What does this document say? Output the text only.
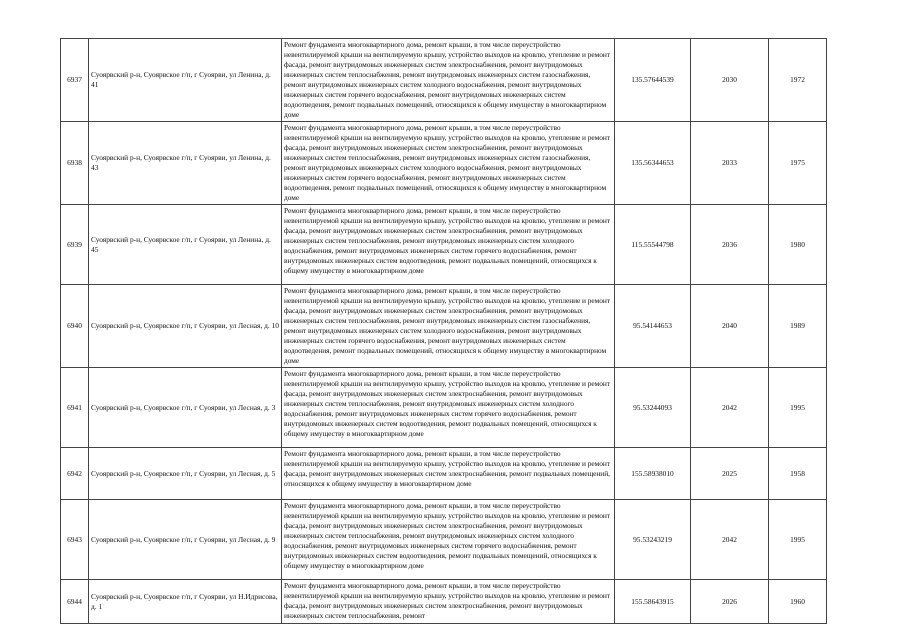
6937	Суоярвский р-н, Суоярвское г/п, г Суоярви, ул Ленина, д. 41	Ремонт фундамента многоквартирного дома, ремонт крыши, в том числе переустройство невентилируемой крыши на вентилируемую крышу, устройство выходов на кровлю, утепление и ремонт фасада, ремонт внутридомовых инженерных систем электроснабжения, ремонт внутридомовых инженерных систем теплоснабжения, ремонт внутридомовых инженерных систем газоснабжения, ремонт внутридомовых инженерных систем холодного водоснабжения, ремонт внутридомовых инженерных систем горячего водоснабжения, ремонт внутридомовых инженерных систем водоотведения, ремонт подвальных помещений, относящихся к общему имуществу в многоквартирном доме	135.57644539	2030	1972
6938	Суоярвский р-н, Суоярвское г/п, г Суоярви, ул Ленина, д. 43	Ремонт фундамента многоквартирного дома, ремонт крыши, в том числе переустройство невентилируемой крыши на вентилируемую крышу, устройство выходов на кровлю, утепление и ремонт фасада, ремонт внутридомовых инженерных систем электроснабжения, ремонт внутридомовых инженерных систем теплоснабжения, ремонт внутридомовых инженерных систем газоснабжения, ремонт внутридомовых инженерных систем холодного водоснабжения, ремонт внутридомовых инженерных систем горячего водоснабжения, ремонт внутридомовых инженерных систем водоотведения, ремонт подвальных помещений, относящихся к общему имуществу в многоквартирном доме	135.56344653	2033	1975
6939	Суоярвский р-н, Суоярвское г/п, г Суоярви, ул Ленина, д. 45	Ремонт фундамента многоквартирного дома, ремонт крыши, в том числе переустройство невентилируемой крыши на вентилируемую крышу, устройство выходов на кровлю, утепление и ремонт фасада, ремонт внутридомовых инженерных систем электроснабжения, ремонт внутридомовых инженерных систем теплоснабжения, ремонт внутридомовых инженерных систем холодного водоснабжения, ремонт внутридомовых инженерных систем горячего водоснабжения, ремонт внутридомовых инженерных систем водоотведения, ремонт подвальных помещений, относящихся к общему имуществу в многоквартирном доме	115.55544798	2036	1980
6940	Суоярвский р-н, Суоярвское г/п, г Суоярви, ул Лесная, д. 10	Ремонт фундамента многоквартирного дома, ремонт крыши, в том числе переустройство невентилируемой крыши на вентилируемую крышу, устройство выходов на кровлю, утепление и ремонт фасада, ремонт внутридомовых инженерных систем электроснабжения, ремонт внутридомовых инженерных систем теплоснабжения, ремонт внутридомовых инженерных систем газоснабжения, ремонт внутридомовых инженерных систем холодного водоснабжения, ремонт внутридомовых инженерных систем горячего водоснабжения, ремонт внутридомовых инженерных систем водоотведения, ремонт подвальных помещений, относящихся к общему имуществу в многоквартирном доме	95.54144653	2040	1989
6941	Суоярвский р-н, Суоярвское г/п, г Суоярви, ул Лесная, д. 3	Ремонт фундамента многоквартирного дома, ремонт крыши, в том числе переустройство невентилируемой крыши на вентилируемую крышу, устройство выходов на кровлю, утепление и ремонт фасада, ремонт внутридомовых инженерных систем электроснабжения, ремонт внутридомовых инженерных систем теплоснабжения, ремонт внутридомовых инженерных систем холодного водоснабжения, ремонт внутридомовых инженерных систем горячего водоснабжения, ремонт внутридомовых инженерных систем водоотведения, ремонт подвальных помещений, относящихся к общему имуществу в многоквартирном доме	95.53244093	2042	1995
6942	Суоярвский р-н, Суоярвское г/п, г Суоярви, ул Лесная, д. 5	Ремонт фундамента многоквартирного дома, ремонт крыши, в том числе переустройство невентилируемой крыши на вентилируемую крышу, устройство выходов на кровлю, утепление и ремонт фасада, ремонт внутридомовых инженерных систем электроснабжения, ремонт подвальных помещений, относящихся к общему имуществу в многоквартирном доме	155.58938010	2025	1958
6943	Суоярвский р-н, Суоярвское г/п, г Суоярви, ул Лесная, д. 9	Ремонт фундамента многоквартирного дома, ремонт крыши, в том числе переустройство невентилируемой крыши на вентилируемую крышу, устройство выходов на кровлю, утепление и ремонт фасада, ремонт внутридомовых инженерных систем электроснабжения, ремонт внутридомовых инженерных систем теплоснабжения, ремонт внутридомовых инженерных систем холодного водоснабжения, ремонт внутридомовых инженерных систем горячего водоснабжения, ремонт внутридомовых инженерных систем водоотведения, ремонт подвальных помещений, относящихся к общему имуществу в многоквартирном доме	95.53243219	2042	1995
6944	Суоярвский р-н, Суоярвское г/п, г Суоярви, ул Н.Идрисова, д. 1	Ремонт фундамента многоквартирного дома, ремонт крыши, в том числе переустройство невентилируемой крыши на вентилируемую крышу, устройство выходов на кровлю, утепление и ремонт фасада, ремонт внутридомовых инженерных систем электроснабжения, ремонт внутридомовых инженерных систем теплоснабжения, ремонт	155.58643915	2026	1960
